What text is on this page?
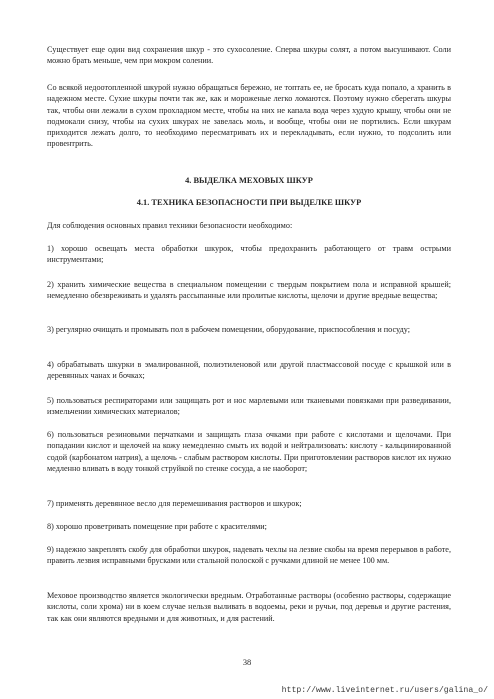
Существует еще один вид сохранения шкур - это сухосоление. Сперва шкуры солят, а потом высушивают. Соли можно брать меньше, чем при мокром солении.

Со всякой недоотопленной шкурой нужно обращаться бережно, не топтать ее, не бросать куда попало, а хранить в надежном месте. Сухие шкуры почти так же, как и мороженые легко ломаются. Поэтому нужно сберегать шкуры так, чтобы они лежали в сухом прохладном месте, чтобы на них не капала вода через худую крышу, чтобы они не подмокали снизу, чтобы на сухих шкурах не завелась моль, и вообще, чтобы они не портились. Если шкурам приходится лежать долго, то необходимо пересматривать их и перекладывать, если нужно, то подсолить или провентрить.

4. ВЫДЕЛКА МЕХОВЫХ ШКУР
4.1. ТЕХНИКА БЕЗОПАСНОСТИ ПРИ ВЫДЕЛКЕ ШКУР

Для соблюдения основных правил техники безопасности необходимо:

1) хорошо освещать места обработки шкурок, чтобы предохранить работающего от травм острыми инструментами;

2) хранить химические вещества в специальном помещении с твердым покрытием пола и исправной крышей; немедленно обезвреживать и удалять рассыпанные или пролитые кислоты, щелочи и другие вредные вещества;

3) регулярно очищать и промывать пол в рабочем помещении, оборудование, приспособления и посуду;

4) обрабатывать шкурки в эмалированной, полиэтиленовой или другой пластмассовой посуде с крышкой или в деревянных чанах и бочках;

5) пользоваться респираторами или защищать рот и нос марлевыми или тканевыми повязками при разведивании, измельчении химических материалов;

6) пользоваться резиновыми перчатками и защищать глаза очками при работе с кислотами и щелочами. При попадании кислот и щелочей на кожу немедленно смыть их водой и нейтрализовать: кислоту - кальцинированной содой (карбонатом натрия), а щелочь - слабым раствором кислоты. При приготовлении растворов кислот их нужно медленно вливать в воду тонкой струйкой по стенке сосуда, а не наоборот;

7) применять деревянное весло для перемешивания растворов и шкурок;

8) хорошо проветривать помещение при работе с красителями;

9) надежно закреплять скобу для обработки шкурок, надевать чехлы на лезвие скобы на время перерывов в работе, править лезвия исправными брусками или стальной полоской с ручками длиной не менее 100 мм.

Меховое производство является экологически вредным. Отработанные растворы (особенно растворы, содержащие кислоты, соли хрома) ни в коем случае нельзя выливать в водоемы, реки и ручьи, под деревья и другие растения, так как они являются вредными и для животных, и для растений.

38
http://www.liveinternet.ru/users/galina_o/
